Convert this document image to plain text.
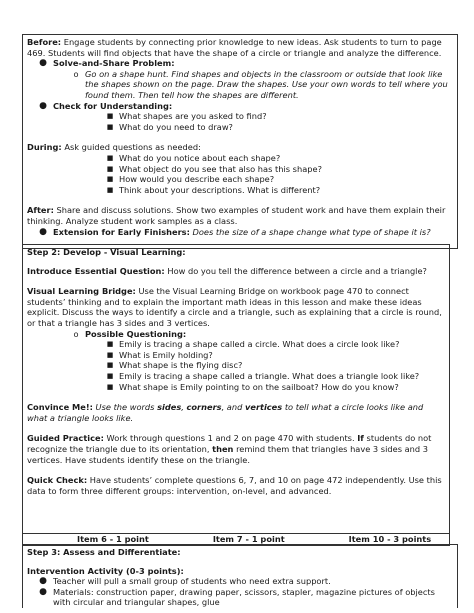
Before: Engage students by connecting prior knowledge to new ideas. Ask students to turn to page 469. Students will find objects that have the shape of a circle or triangle and analyze the difference.
● Solve-and-Share Problem:
o Go on a shape hunt. Find shapes and objects in the classroom or outside that look like the shapes shown on the page. Draw the shapes. Use your own words to tell where you found them. Then tell how the shapes are different.
● Check for Understanding:
■ What shapes are you asked to find?
■ What do you need to draw?
During: Ask guided questions as needed:
■ What do you notice about each shape?
■ What object do you see that also has this shape?
■ How would you describe each shape?
■ Think about your descriptions. What is different?
After: Share and discuss solutions. Show two examples of student work and have them explain their thinking. Analyze student work samples as a class.
● Extension for Early Finishers: Does the size of a shape change what type of shape it is?
Step 2: Develop - Visual Learning:
Introduce Essential Question: How do you tell the difference between a circle and a triangle?
Visual Learning Bridge: Use the Visual Learning Bridge on workbook page 470 to connect students’ thinking and to explain the important math ideas in this lesson and make these ideas explicit. Discuss the ways to identify a circle and a triangle, such as explaining that a circle is round, or that a triangle has 3 sides and 3 vertices.
o Possible Questioning:
■ Emily is tracing a shape called a circle. What does a circle look like?
■ What is Emily holding?
■ What shape is the flying disc?
■ Emily is tracing a shape called a triangle. What does a triangle look like?
■ What shape is Emily pointing to on the sailboat? How do you know?
Convince Me!: Use the words sides, corners, and vertices to tell what a circle looks like and what a triangle looks like.
Guided Practice: Work through questions 1 and 2 on page 470 with students. If students do not recognize the triangle due to its orientation, then remind them that triangles have 3 sides and 3 vertices. Have students identify these on the triangle.
Quick Check: Have students’ complete questions 6, 7, and 10 on page 472 independently. Use this data to form three different groups: intervention, on-level, and advanced.
Item 6 - 1 point	Item 7 - 1 point	Item 10 - 3 points
Step 3: Assess and Differentiate:
Intervention Activity (0-3 points):
● Teacher will pull a small group of students who need extra support.
● Materials: construction paper, drawing paper, scissors, stapler, magazine pictures of objects with circular and triangular shapes, glue
